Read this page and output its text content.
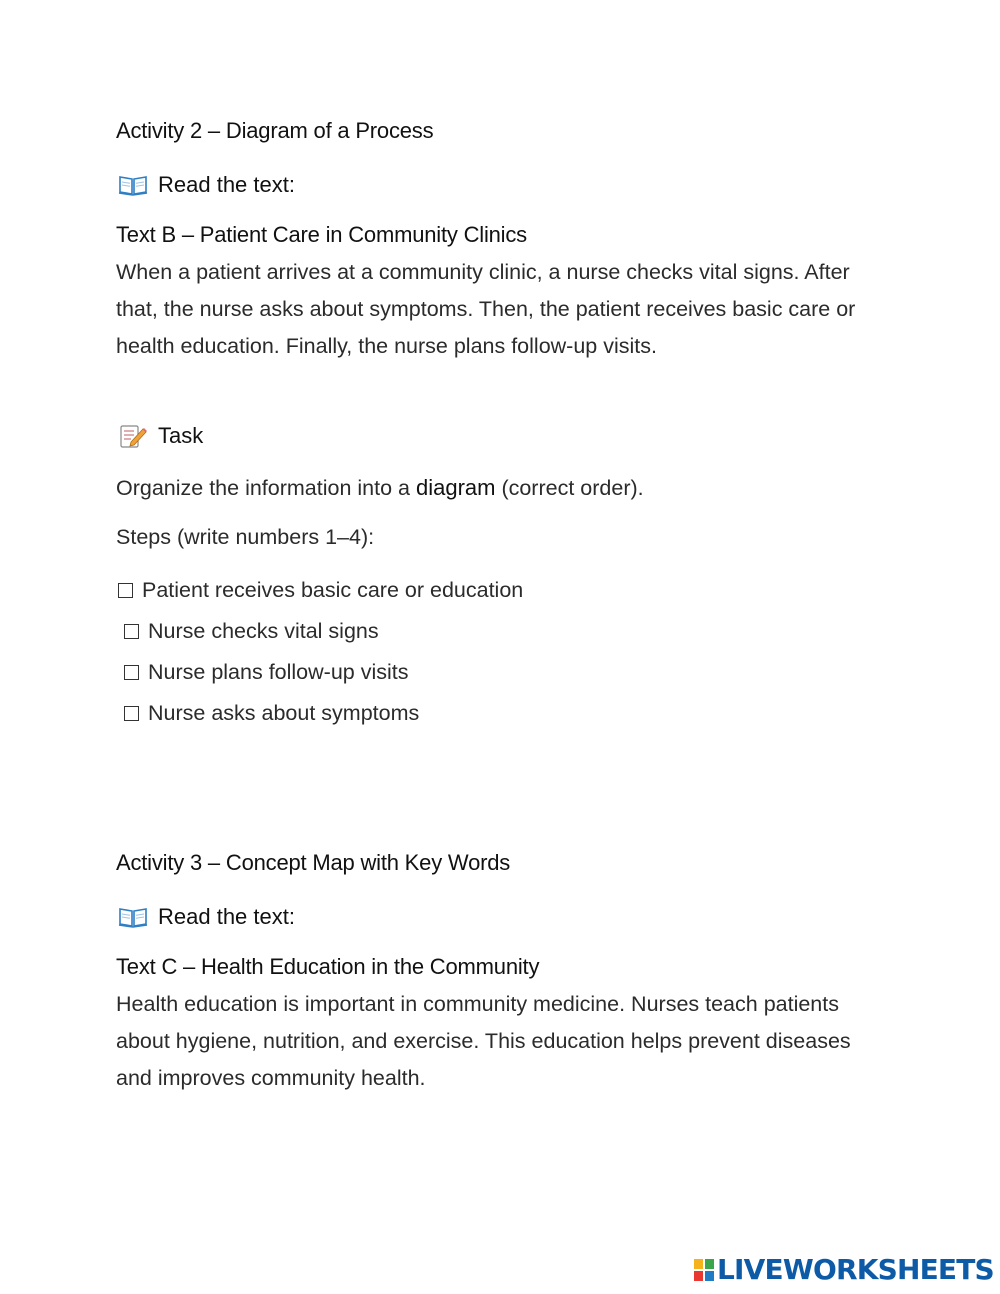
Activity 2 – Diagram of a Process
Read the text:
Text B – Patient Care in Community Clinics

When a patient arrives at a community clinic, a nurse checks vital signs. After that, the nurse asks about symptoms. Then, the patient receives basic care or health education. Finally, the nurse plans follow-up visits.

Task
Organize the information into a diagram (correct order).
Steps (write numbers 1–4):
Patient receives basic care or education
Nurse checks vital signs
Nurse plans follow-up visits
Nurse asks about symptoms
Activity 3 – Concept Map with Key Words
Read the text:
Text C – Health Education in the Community

Health education is important in community medicine. Nurses teach patients about hygiene, nutrition, and exercise. This education helps prevent diseases and improves community health.

LIVEWORKSHEETS
